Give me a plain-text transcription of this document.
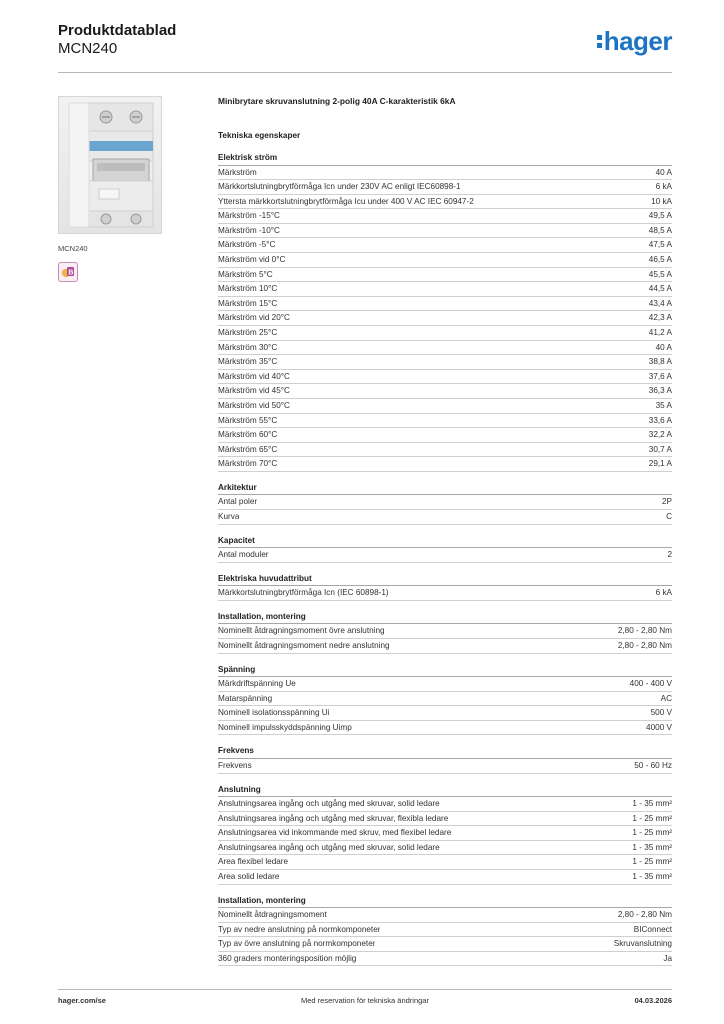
Produktdatablad
MCN240	hager
MCN240
B
Minibrytare skruvanslutning 2-polig 40A C-karakteristik 6kA
Tekniska egenskaper
Elektrisk ström
Märkström	40 A
Märkkortslutningbrytförmåga Icn under 230V AC enligt IEC60898-1	6 kA
Yttersta märkkortslutningbrytförmåga Icu under 400 V AC IEC 60947-2	10 kA
Märkström -15°C	49,5 A
Märkström -10°C	48,5 A
Märkström -5°C	47,5 A
Märkström vid 0°C	46,5 A
Märkström 5°C	45,5 A
Märkström 10°C	44,5 A
Märkström 15°C	43,4 A
Märkström vid 20°C	42,3 A
Märkström 25°C	41,2 A
Märkström 30°C	40 A
Märkström 35°C	38,8 A
Märkström vid 40°C	37,6 A
Märkström vid 45°C	36,3 A
Märkström vid 50°C	35 A
Märkström 55°C	33,6 A
Märkström 60°C	32,2 A
Märkström 65°C	30,7 A
Märkström 70°C	29,1 A
Arkitektur
Antal poler	2P
Kurva	C
Kapacitet
Antal moduler	2
Elektriska huvudattribut
Märkkortslutningbrytförmåga Icn (IEC 60898-1)	6 kA
Installation, montering
Nominellt åtdragningsmoment övre anslutning	2,80 - 2,80 Nm
Nominellt åtdragningsmoment nedre anslutning	2,80 - 2,80 Nm
Spänning
Märkdriftspänning Ue	400 - 400 V
Matarspänning	AC
Nominell isolationsspänning Ui	500 V
Nominell impulsskyddspänning Uimp	4000 V
Frekvens
Frekvens	50 - 60 Hz
Anslutning
Anslutningsarea ingång och utgång med skruvar, solid ledare	1 - 35 mm²
Anslutningsarea ingång och utgång med skruvar, flexibla ledare	1 - 25 mm²
Anslutningsarea vid inkommande med skruv, med flexibel ledare	1 - 25 mm²
Anslutningsarea ingång och utgång med skruvar, solid ledare	1 - 35 mm²
Area flexibel ledare	1 - 25 mm²
Area solid ledare	1 - 35 mm²
Installation, montering
Nominellt åtdragningsmoment	2,80 - 2,80 Nm
Typ av nedre anslutning på normkomponeter	BIConnect
Typ av övre anslutning på normkomponeter	Skruvanslutning
360 graders monteringsposition möjlig	Ja
hager.com/se	Med reservation för tekniska ändringar	04.03.2026
